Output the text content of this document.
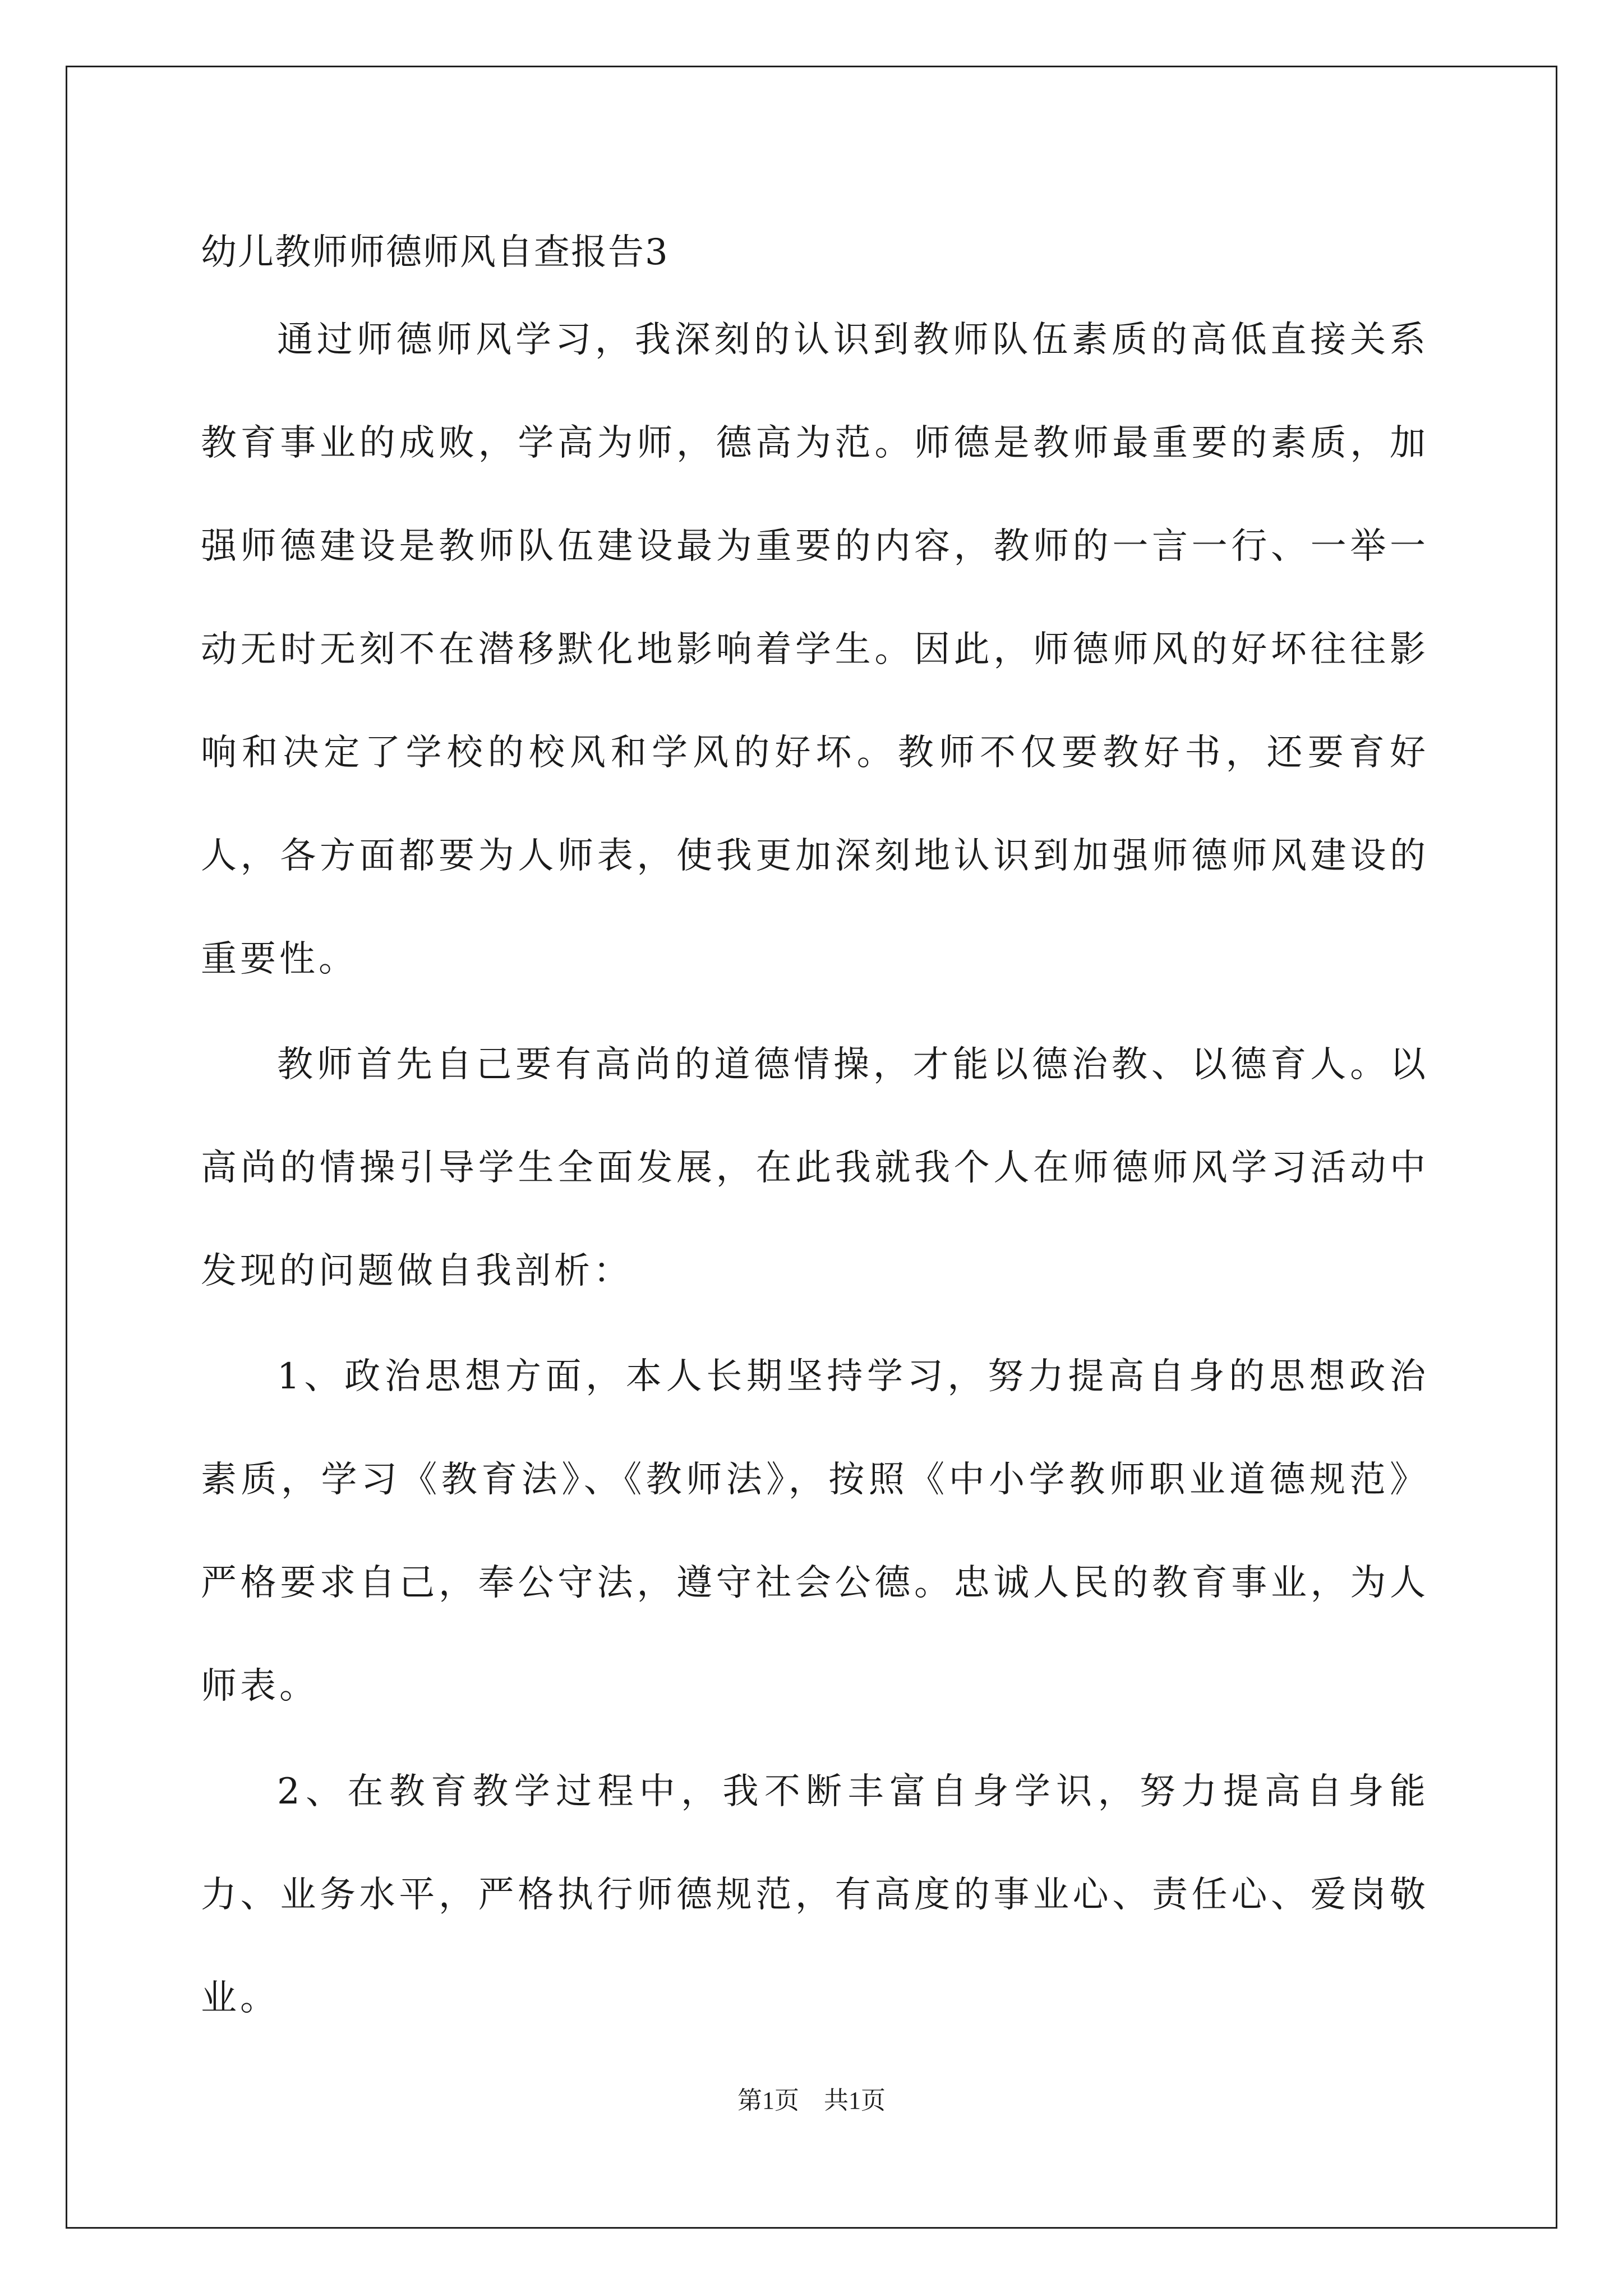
幼儿教师师德师风自查报告3

通过师德师风学习，我深刻的认识到教师队伍素质的高低直接关系教育事业的成败，学高为师，德高为范。师德是教师最重要的素质，加强师德建设是教师队伍建设最为重要的内容，教师的一言一行、一举一动无时无刻不在潜移默化地影响着学生。因此，师德师风的好坏往往影响和决定了学校的校风和学风的好坏。教师不仅要教好书，还要育好人，各方面都要为人师表，使我更加深刻地认识到加强师德师风建设的重要性。

教师首先自己要有高尚的道德情操，才能以德治教、以德育人。以高尚的情操引导学生全面发展，在此我就我个人在师德师风学习活动中发现的问题做自我剖析：

1、政治思想方面，本人长期坚持学习，努力提高自身的思想政治素质，学习《教育法》、《教师法》，按照《中小学教师职业道德规范》严格要求自己，奉公守法，遵守社会公德。忠诚人民的教育事业，为人师表。

2、在教育教学过程中，我不断丰富自身学识，努力提高自身能力、业务水平，严格执行师德规范，有高度的事业心、责任心、爱岗敬业。

第1页 共1页
